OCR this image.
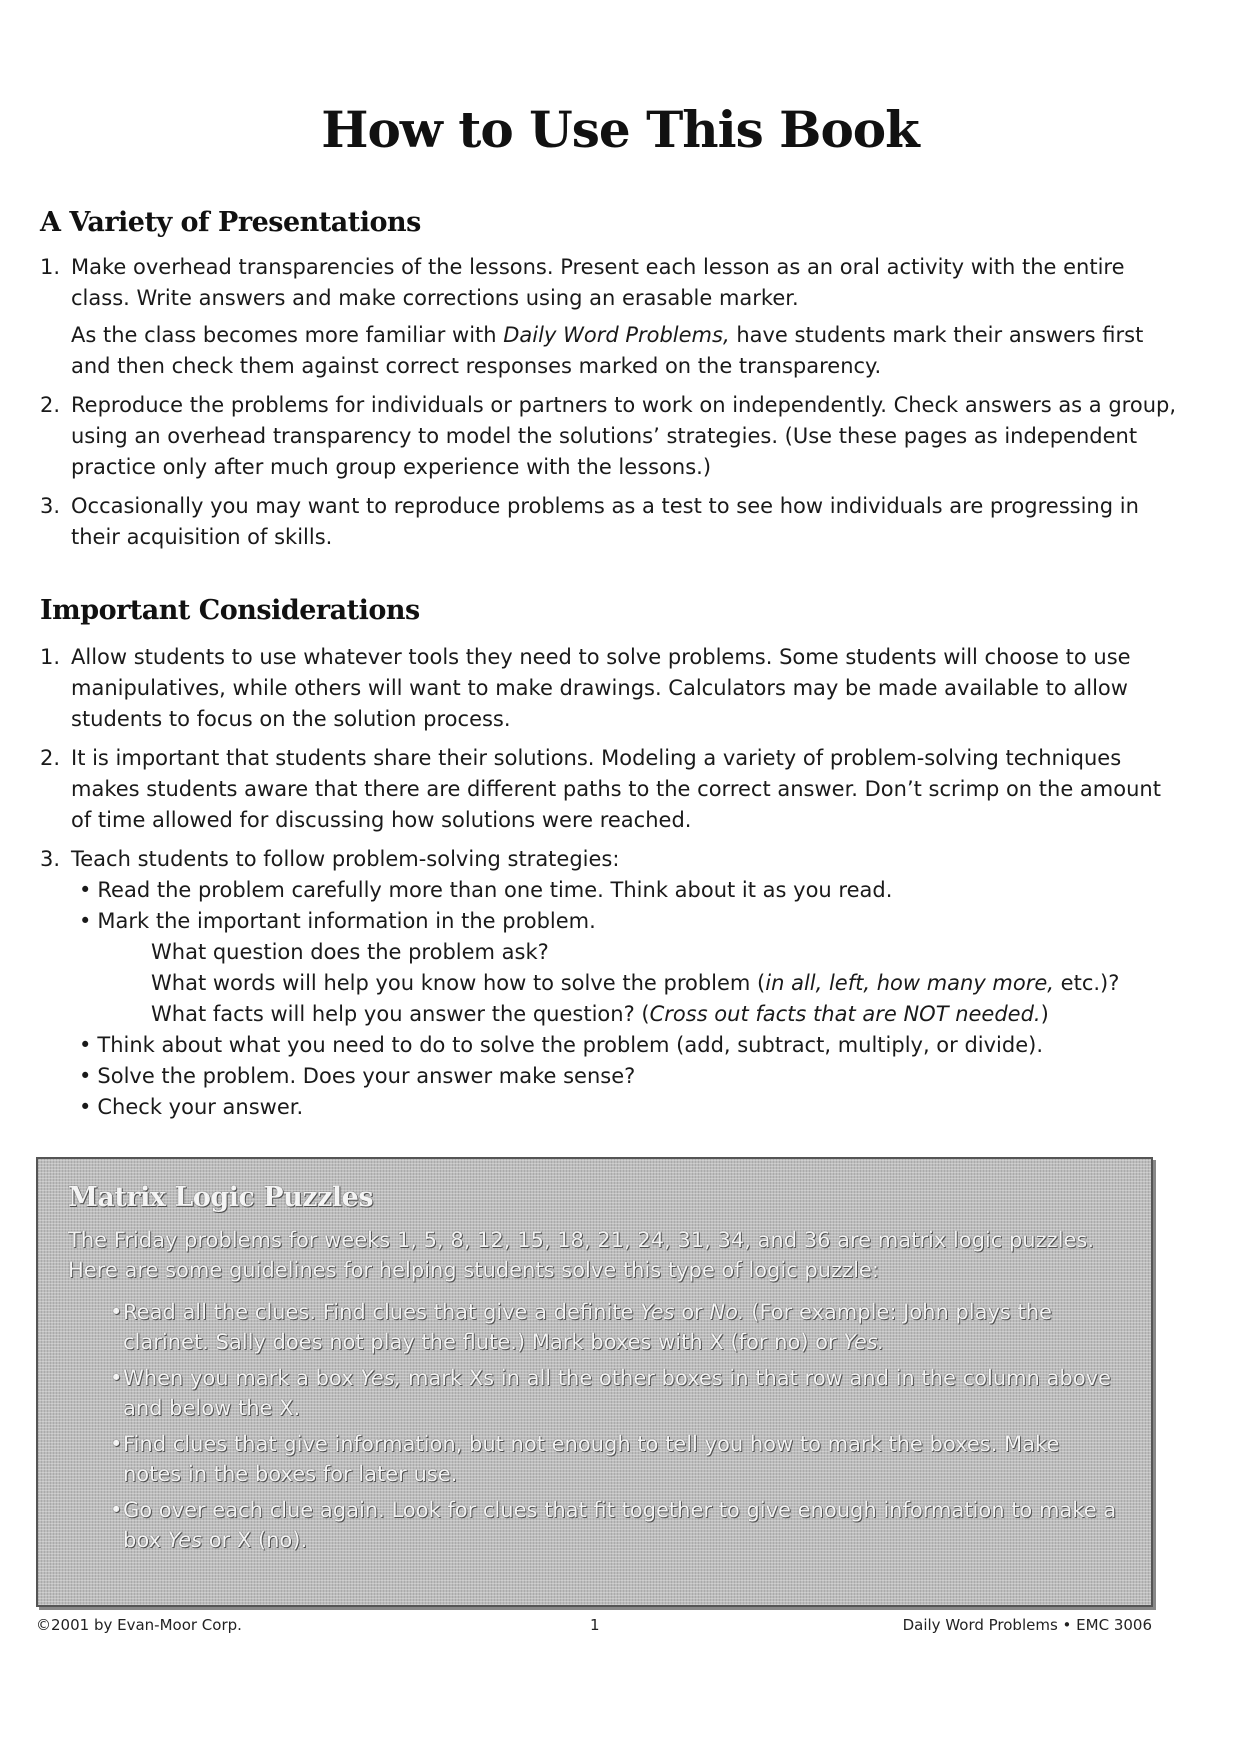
How to Use This Book
A Variety of Presentations
1. Make overhead transparencies of the lessons. Present each lesson as an oral activity with the entire class. Write answers and make corrections using an erasable marker.

As the class becomes more familiar with Daily Word Problems, have students mark their answers first and then check them against correct responses marked on the transparency.

2. Reproduce the problems for individuals or partners to work on independently. Check answers as a group, using an overhead transparency to model the solutions’ strategies. (Use these pages as independent practice only after much group experience with the lessons.)

3. Occasionally you may want to reproduce problems as a test to see how individuals are progressing in their acquisition of skills.

Important Considerations
1. Allow students to use whatever tools they need to solve problems. Some students will choose to use manipulatives, while others will want to make drawings. Calculators may be made available to allow students to focus on the solution process.

2. It is important that students share their solutions. Modeling a variety of problem-solving techniques makes students aware that there are different paths to the correct answer. Don’t scrimp on the amount of time allowed for discussing how solutions were reached.

3. Teach students to follow problem-solving strategies:

• Read the problem carefully more than one time. Think about it as you read.

• Mark the important information in the problem.

What question does the problem ask?

What words will help you know how to solve the problem (in all, left, how many more, etc.)?

What facts will help you answer the question? (Cross out facts that are NOT needed.)

• Think about what you need to do to solve the problem (add, subtract, multiply, or divide).

• Solve the problem. Does your answer make sense?

• Check your answer.

Matrix Logic Puzzles

The Friday problems for weeks 1, 5, 8, 12, 15, 18, 21, 24, 31, 34, and 36 are matrix logic puzzles. Here are some guidelines for helping students solve this type of logic puzzle:

• Read all the clues. Find clues that give a definite Yes or No. (For example: John plays the clarinet. Sally does not play the flute.) Mark boxes with X (for no) or Yes.
• When you mark a box Yes, mark Xs in all the other boxes in that row and in the column above and below the X.
• Find clues that give information, but not enough to tell you how to mark the boxes. Make notes in the boxes for later use.
• Go over each clue again. Look for clues that fit together to give enough information to make a box Yes or X (no).
©2001 by Evan-Moor Corp.	1	Daily Word Problems • EMC 3006
